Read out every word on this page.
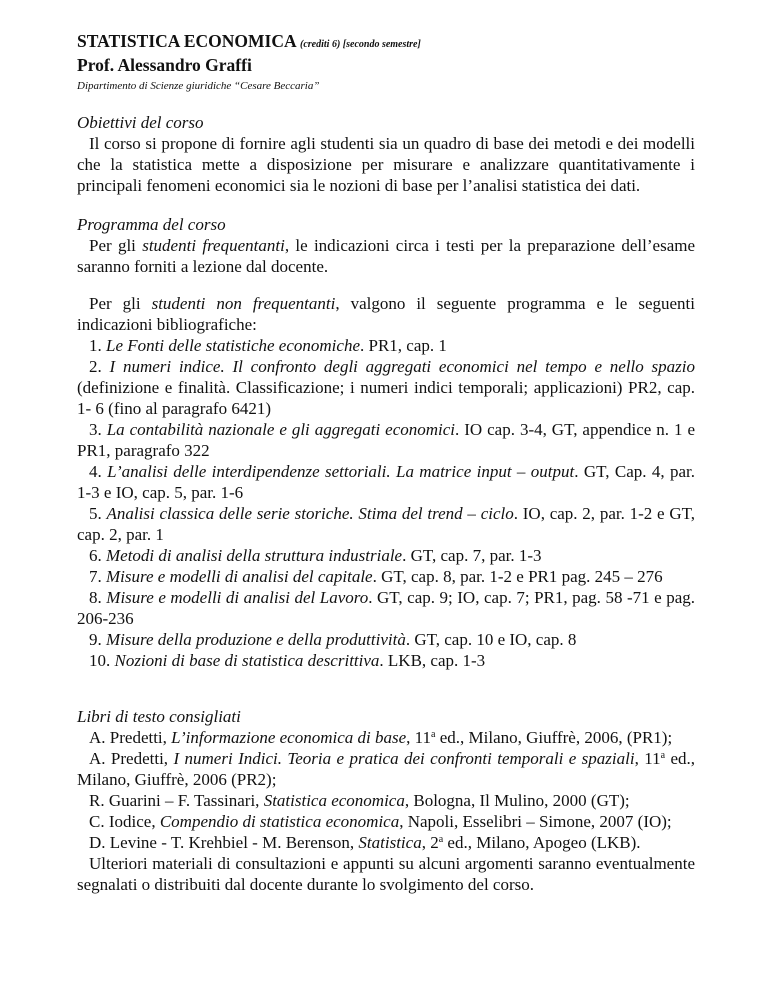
STATISTICA ECONOMICA (crediti 6) [secondo semestre]
Prof. Alessandro Graffi
Dipartimento di Scienze giuridiche “Cesare Beccaria”
Obiettivi del corso

Il corso si propone di fornire agli studenti sia un quadro di base dei metodi e dei modelli che la statistica mette a disposizione per misurare e analizzare quantitativamente i principali fenomeni economici sia le nozioni di base per l’analisi statistica dei dati.

Programma del corso

Per gli studenti frequentanti, le indicazioni circa i testi per la preparazione dell’esame saranno forniti a lezione dal docente.

Per gli studenti non frequentanti, valgono il seguente programma e le seguenti indicazioni bibliografiche:

1. Le Fonti delle statistiche economiche. PR1, cap. 1

2. I numeri indice. Il confronto degli aggregati economici nel tempo e nello spazio (definizione e finalità. Classificazione; i numeri indici temporali; applicazioni) PR2, cap. 1- 6 (fino al paragrafo 6421)

3. La contabilità nazionale e gli aggregati economici. IO cap. 3-4, GT, appendice n. 1 e PR1, paragrafo 322

4. L’analisi delle interdipendenze settoriali. La matrice input – output. GT, Cap. 4, par. 1-3 e IO, cap. 5, par. 1-6

5. Analisi classica delle serie storiche. Stima del trend – ciclo. IO, cap. 2, par. 1-2 e GT, cap. 2, par. 1

6. Metodi di analisi della struttura industriale. GT, cap. 7, par. 1-3

7. Misure e modelli di analisi del capitale. GT, cap. 8, par. 1-2 e PR1 pag. 245 – 276

8. Misure e modelli di analisi del Lavoro. GT, cap. 9; IO, cap. 7; PR1, pag. 58 -71 e pag. 206-236

9. Misure della produzione e della produttività. GT, cap. 10 e IO, cap. 8

10. Nozioni di base di statistica descrittiva. LKB, cap. 1-3

Libri di testo consigliati

A. Predetti, L’informazione economica di base, 11$^a$ ed., Milano, Giuffrè, 2006, (PR1);

A. Predetti, I numeri Indici. Teoria e pratica dei confronti temporali e spaziali, 11$^a$ ed., Milano, Giuffrè, 2006 (PR2);

R. Guarini – F. Tassinari, Statistica economica, Bologna, Il Mulino, 2000 (GT);

C. Iodice, Compendio di statistica economica, Napoli, Esselibri – Simone, 2007 (IO);

D. Levine - T. Krehbiel - M. Berenson, Statistica, 2$^a$ ed., Milano, Apogeo (LKB).

Ulteriori materiali di consultazioni e appunti su alcuni argomenti saranno eventualmente segnalati o distribuiti dal docente durante lo svolgimento del corso.
